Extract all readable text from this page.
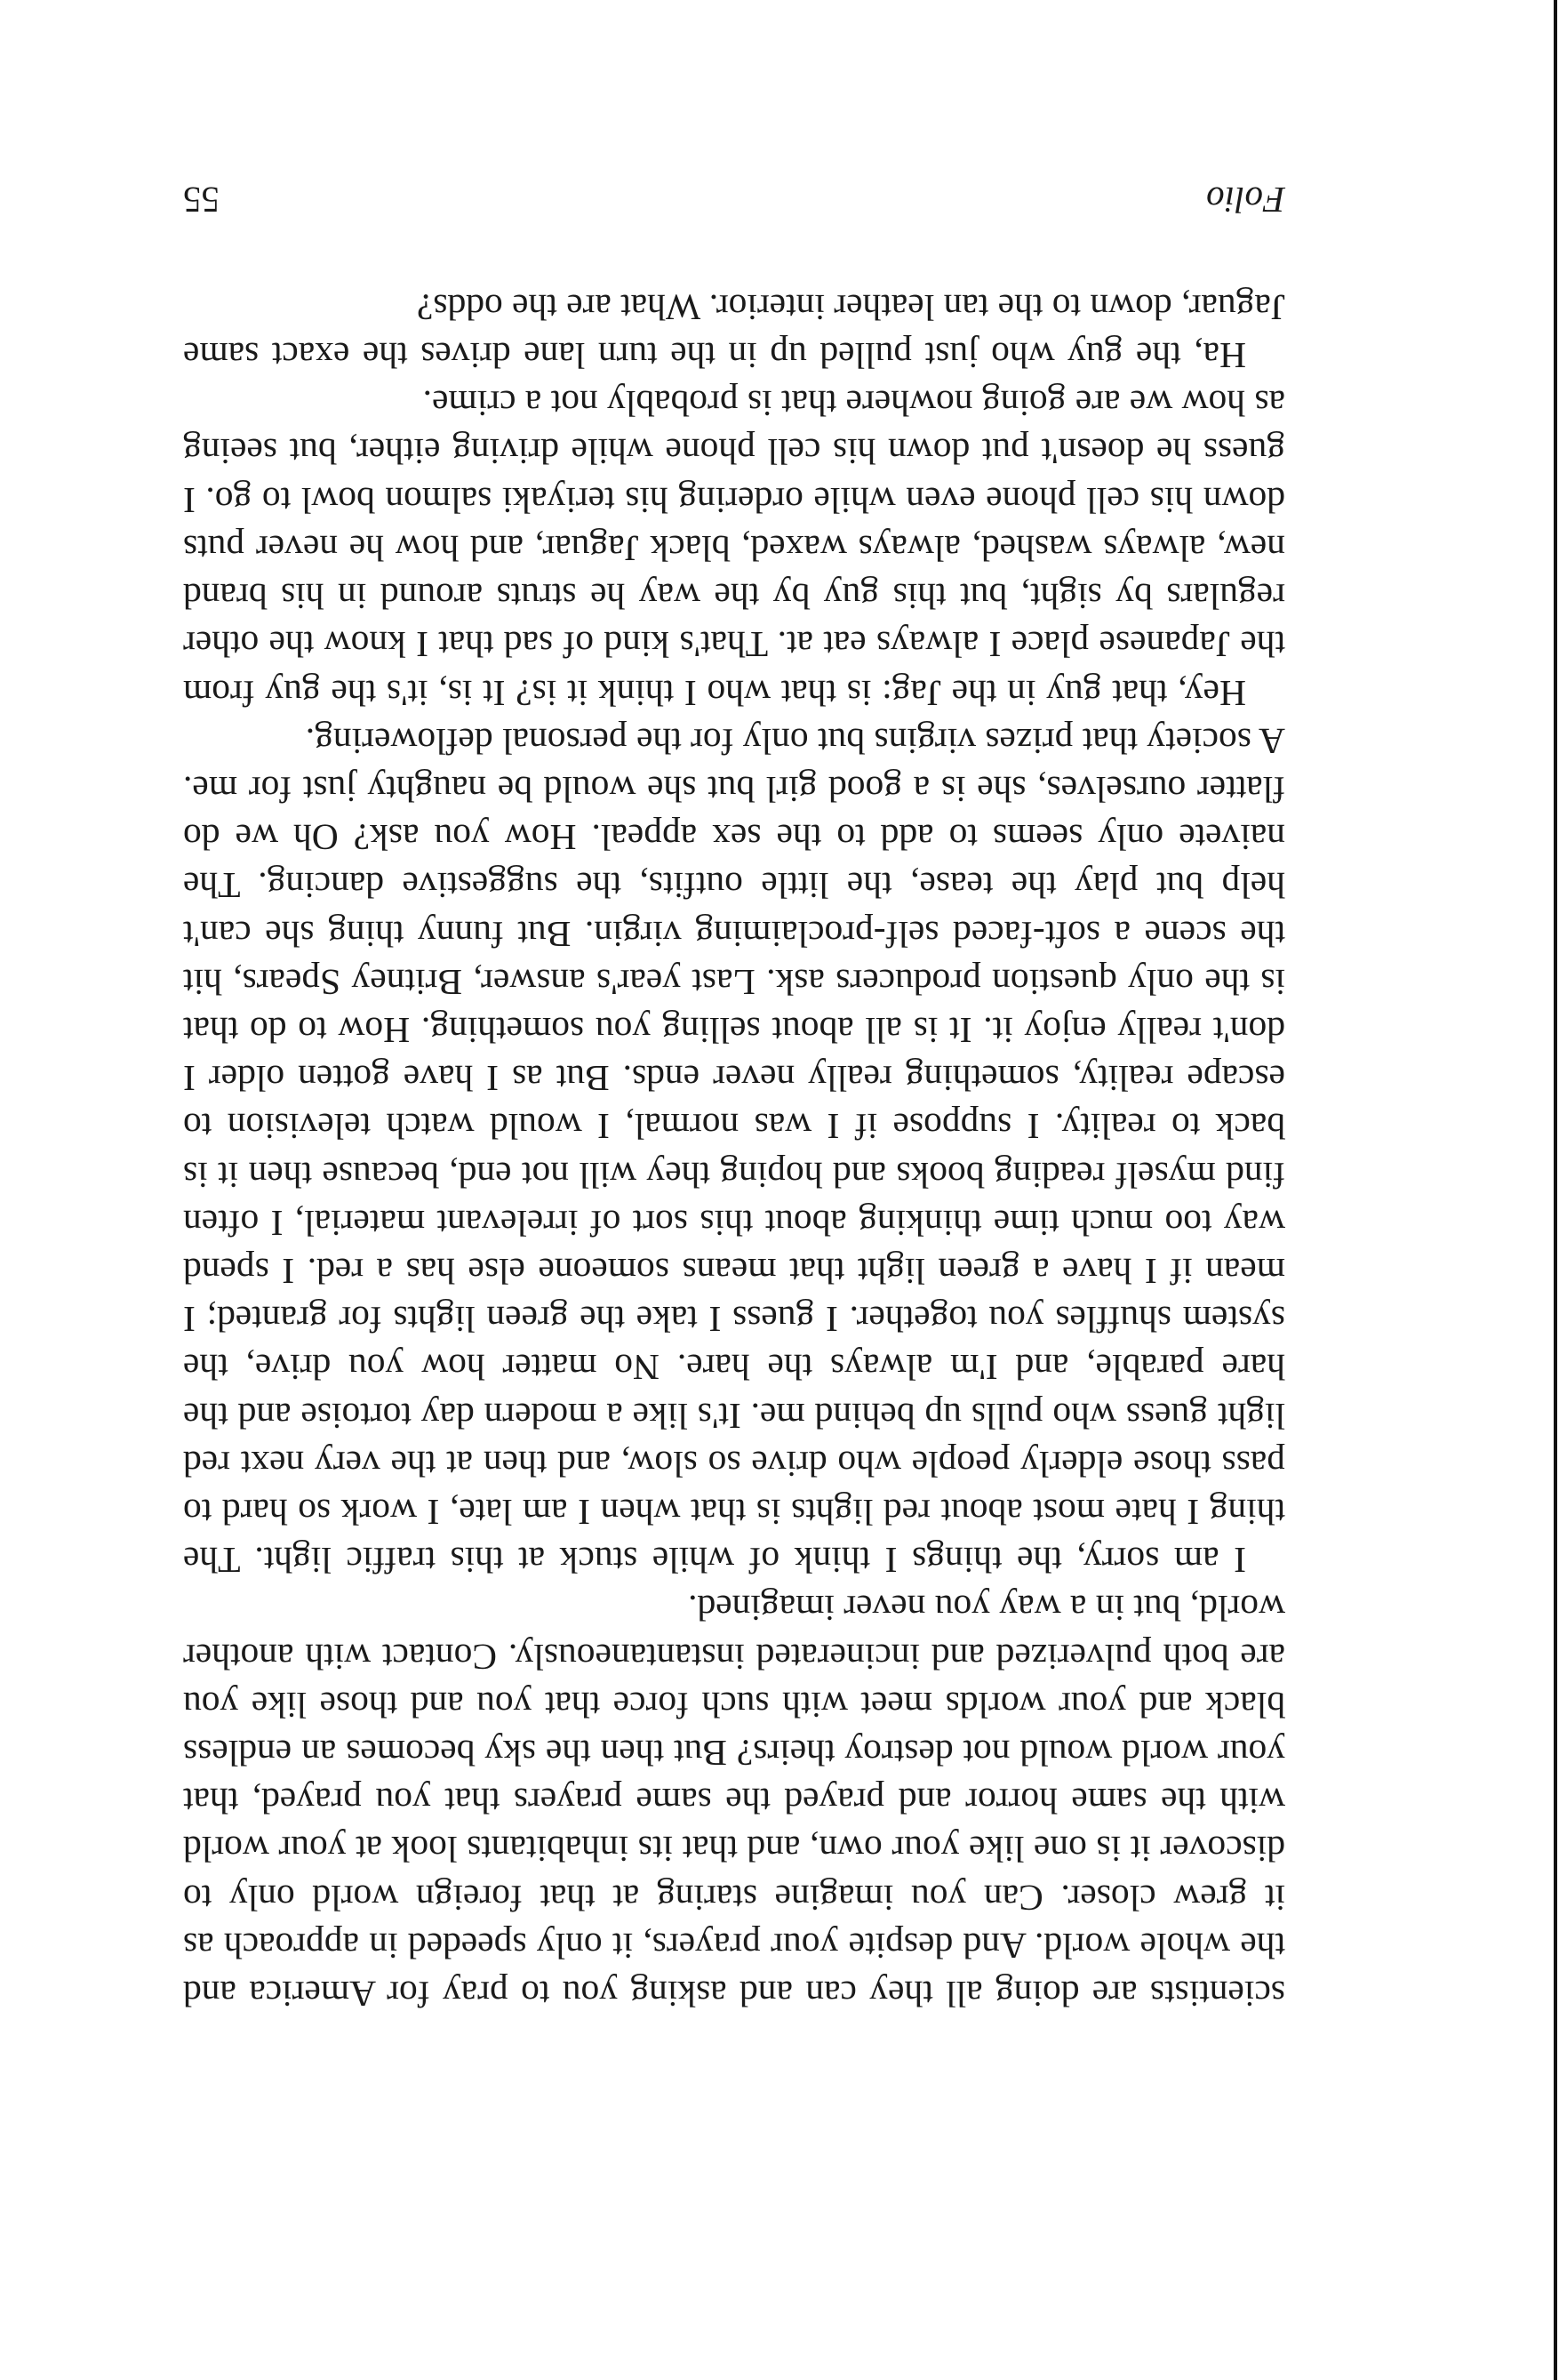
scientists are doing all they can and asking you to pray for America and the whole world. And despite your prayers, it only speeded in approach as it grew closer. Can you imagine staring at that foreign world only to discover it is one like your own, and that its inhabitants look at your world with the same horror and prayed the same prayers that you prayed, that your world would not destroy theirs? But then the sky becomes an endless black and your worlds meet with such force that you and those like you are both pulverized and incinerated instantaneously. Contact with another world, but in a way you never imagined.

I am sorry, the things I think of while stuck at this traffic light. The thing I hate most about red lights is that when I am late, I work so hard to pass those elderly people who drive so slow, and then at the very next red light guess who pulls up behind me. It's like a modern day tortoise and the hare parable, and I'm always the hare. No matter how you drive, the system shuffles you together. I guess I take the green lights for granted; I mean if I have a green light that means someone else has a red. I spend way too much time thinking about this sort of irrelevant material, I often find myself reading books and hoping they will not end, because then it is back to reality. I suppose if I was normal, I would watch television to escape reality, something really never ends. But as I have gotten older I don't really enjoy it. It is all about selling you something. How to do that is the only question producers ask. Last year's answer, Britney Spears, hit the scene a soft-faced self-proclaiming virgin. But funny thing she can't help but play the tease, the little outfits, the suggestive dancing. The naivete only seems to add to the sex appeal. How you ask? Oh we do flatter ourselves, she is a good girl but she would be naughty just for me. A society that prizes virgins but only for the personal deflowering.

Hey, that guy in the Jag: is that who I think it is? It is, it's the guy from the Japanese place I always eat at. That's kind of sad that I know the other regulars by sight, but this guy by the way he struts around in his brand new, always washed, always waxed, black Jaguar, and how he never puts down his cell phone even while ordering his teriyaki salmon bowl to go. I guess he doesn't put down his cell phone while driving either, but seeing as how we are going nowhere that is probably not a crime.

Ha, the guy who just pulled up in the turn lane drives the exact same Jaguar, down to the tan leather interior. What are the odds?

Folio
55
